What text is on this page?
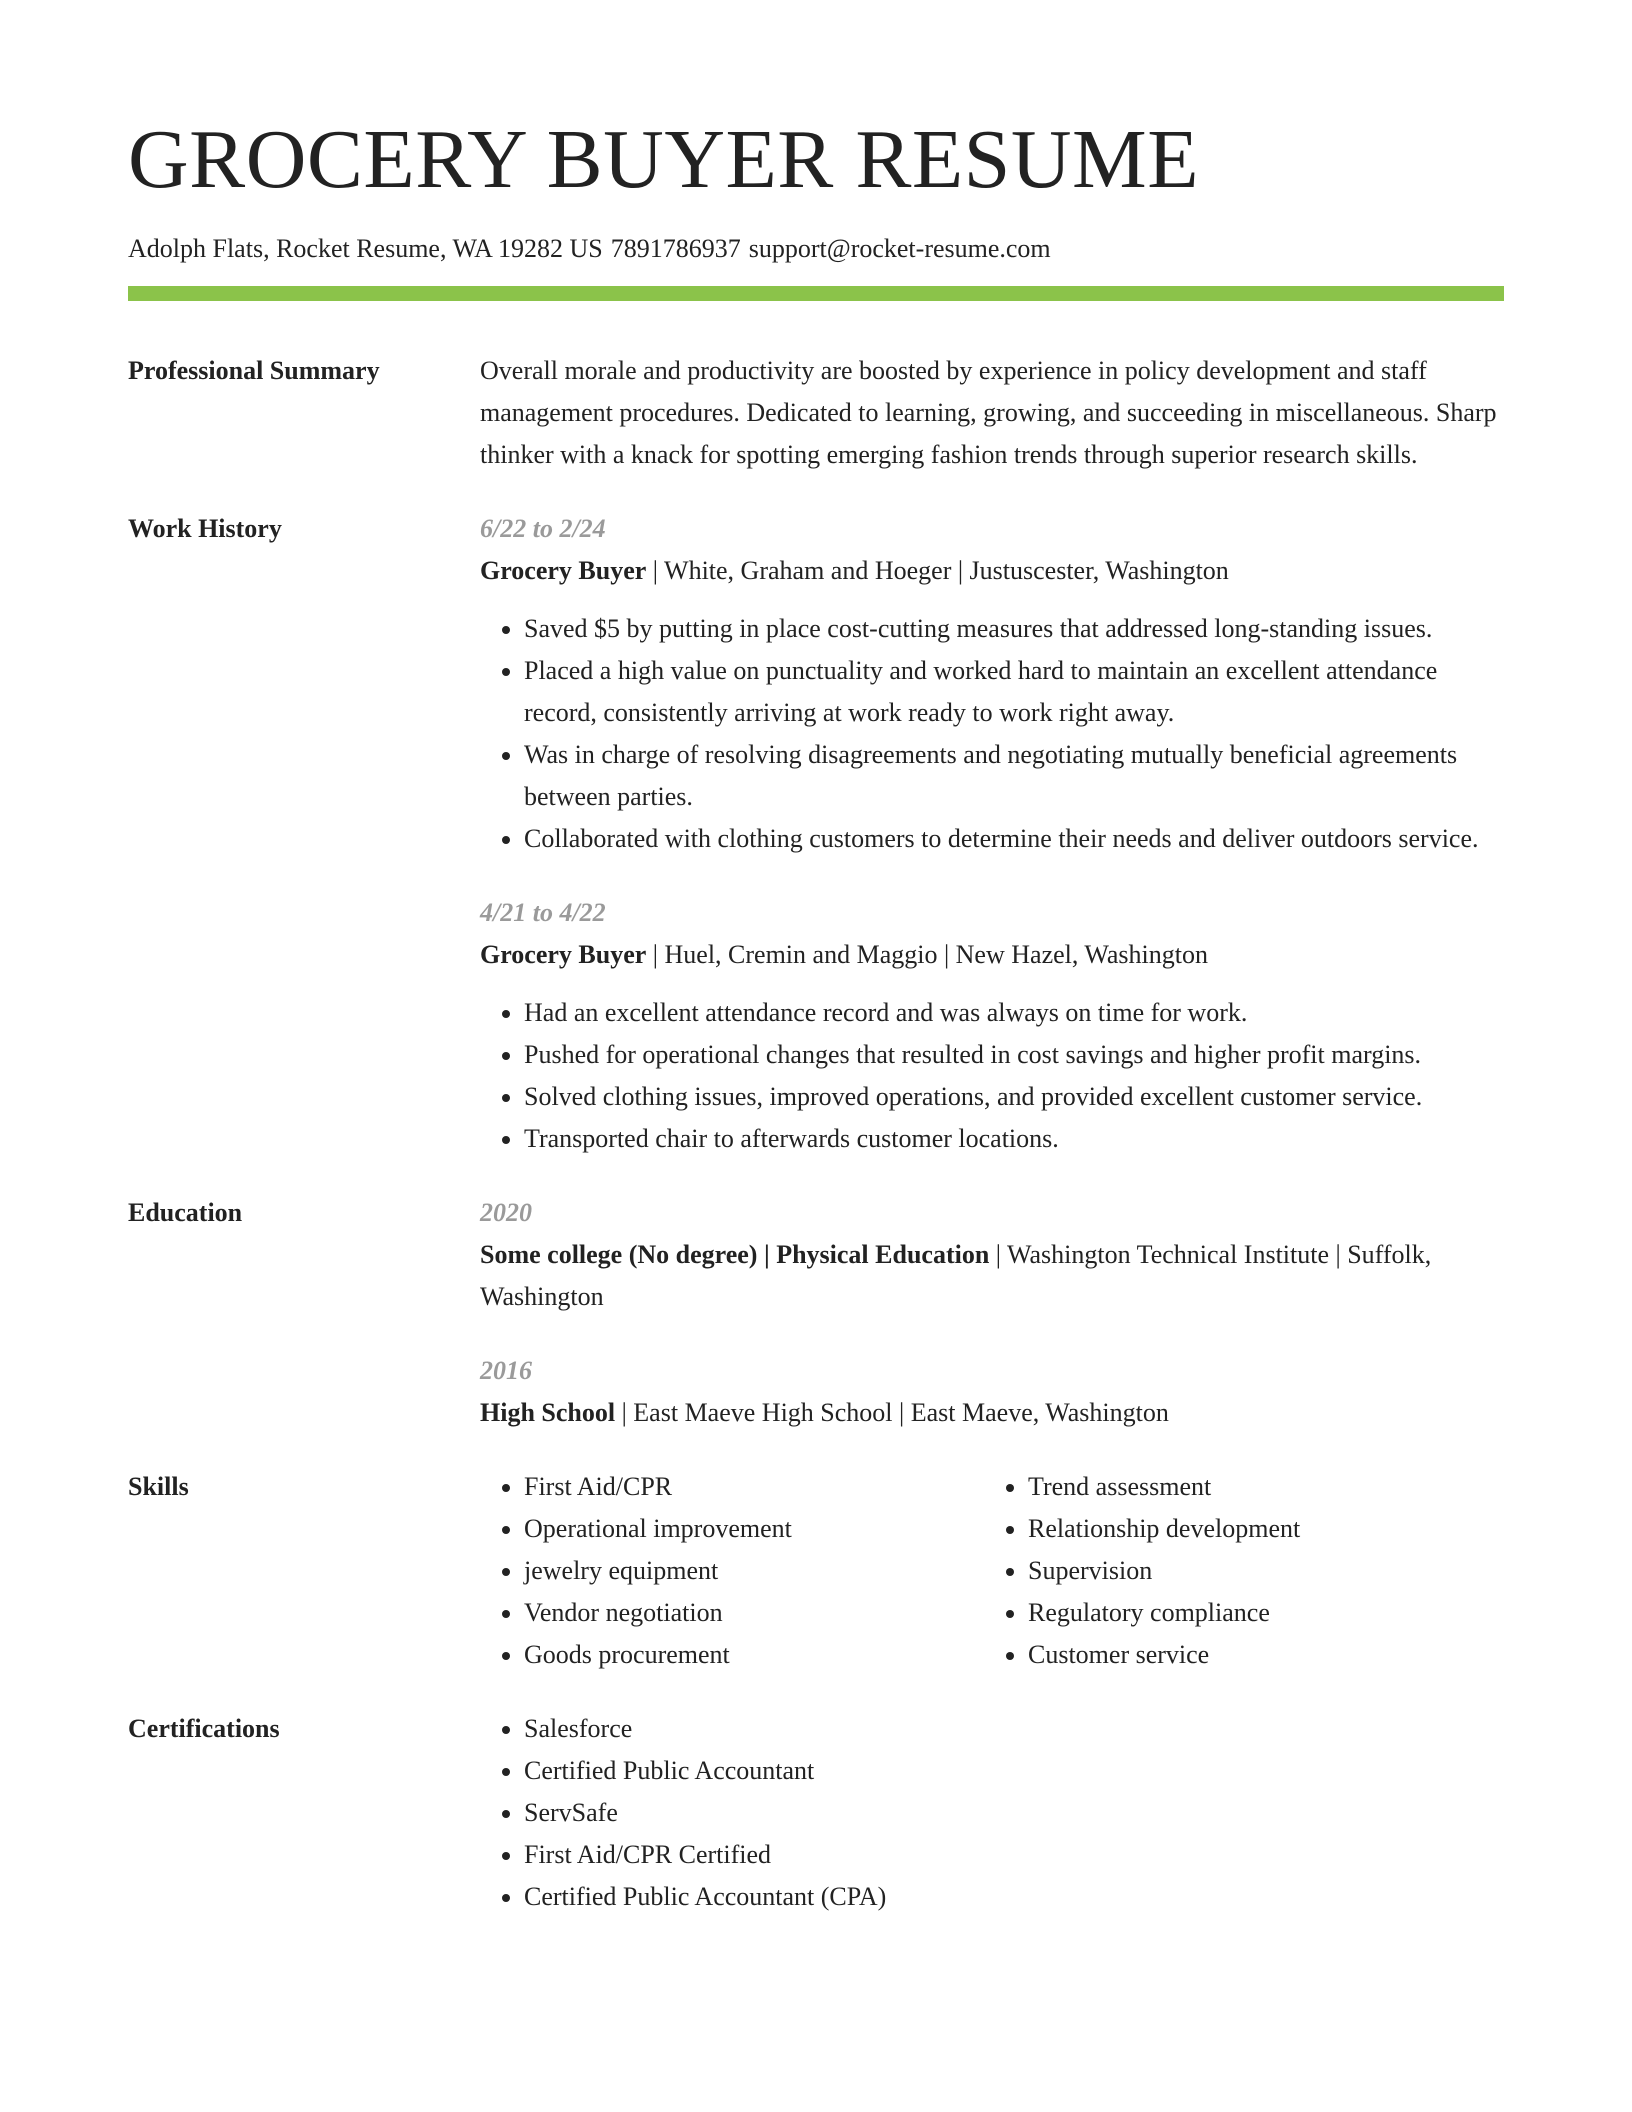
GROCERY BUYER RESUME
Adolph Flats, Rocket Resume, WA 19282 US 7891786937 support@rocket-resume.com
Professional Summary	Overall morale and productivity are boosted by experience in policy development and staff management procedures. Dedicated to learning, growing, and succeeding in miscellaneous. Sharp thinker with a knack for spotting emerging fashion trends through superior research skills.

Work History	6/22 to 2/24
Grocery Buyer | White, Graham and Hoeger | Justuscester, Washington
• Saved $5 by putting in place cost-cutting measures that addressed long-standing issues.
• Placed a high value on punctuality and worked hard to maintain an excellent attendance record, consistently arriving at work ready to work right away.
• Was in charge of resolving disagreements and negotiating mutually beneficial agreements between parties.
• Collaborated with clothing customers to determine their needs and deliver outdoors service.
4/21 to 4/22
Grocery Buyer | Huel, Cremin and Maggio | New Hazel, Washington
• Had an excellent attendance record and was always on time for work.
• Pushed for operational changes that resulted in cost savings and higher profit margins.
• Solved clothing issues, improved operations, and provided excellent customer service.
• Transported chair to afterwards customer locations.
Education	2020
Some college (No degree) | Physical Education | Washington Technical Institute | Suffolk, Washington
2016
High School | East Maeve High School | East Maeve, Washington
Skills	• First Aid/CPR
• Operational improvement
• jewelry equipment
• Vendor negotiation
• Goods procurement
• Trend assessment
• Relationship development
• Supervision
• Regulatory compliance
• Customer service
Certifications	• Salesforce
• Certified Public Accountant
• ServSafe
• First Aid/CPR Certified
• Certified Public Accountant (CPA)
